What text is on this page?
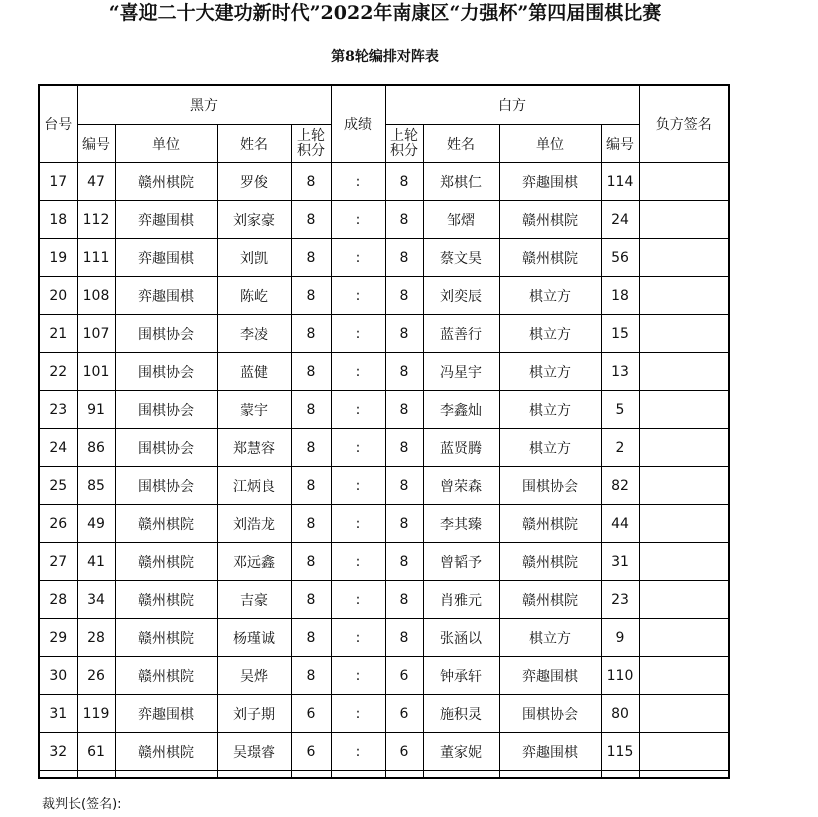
“喜迎二十大建功新时代”2022年南康区“力强杯”第四届围棋比赛
第8轮编排对阵表
台号	黑方				成绩	白方				负方签名
	编号	单位	姓名	上轮积分		上轮积分	姓名	单位	编号	
17	47	赣州棋院	罗俊	8	:	8	郑棋仁	弈趣围棋	114	
18	112	弈趣围棋	刘家豪	8	:	8	邹熠	赣州棋院	24	
19	111	弈趣围棋	刘凯	8	:	8	蔡文昊	赣州棋院	56	
20	108	弈趣围棋	陈屹	8	:	8	刘奕辰	棋立方	18	
21	107	围棋协会	李凌	8	:	8	蓝善行	棋立方	15	
22	101	围棋协会	蓝健	8	:	8	冯星宇	棋立方	13	
23	91	围棋协会	蒙宇	8	:	8	李鑫灿	棋立方	5	
24	86	围棋协会	郑慧容	8	:	8	蓝贤腾	棋立方	2	
25	85	围棋协会	江炳良	8	:	8	曾荣森	围棋协会	82	
26	49	赣州棋院	刘浩龙	8	:	8	李其臻	赣州棋院	44	
27	41	赣州棋院	邓远鑫	8	:	8	曾韬予	赣州棋院	31	
28	34	赣州棋院	吉豪	8	:	8	肖雅元	赣州棋院	23	
29	28	赣州棋院	杨瑾诚	8	:	8	张涵以	棋立方	9	
30	26	赣州棋院	吴烨	8	:	6	钟承轩	弈趣围棋	110	
31	119	弈趣围棋	刘子期	6	:	6	施积灵	围棋协会	80	
32	61	赣州棋院	吴璟睿	6	:	6	董家妮	弈趣围棋	115	

裁判长(签名):
